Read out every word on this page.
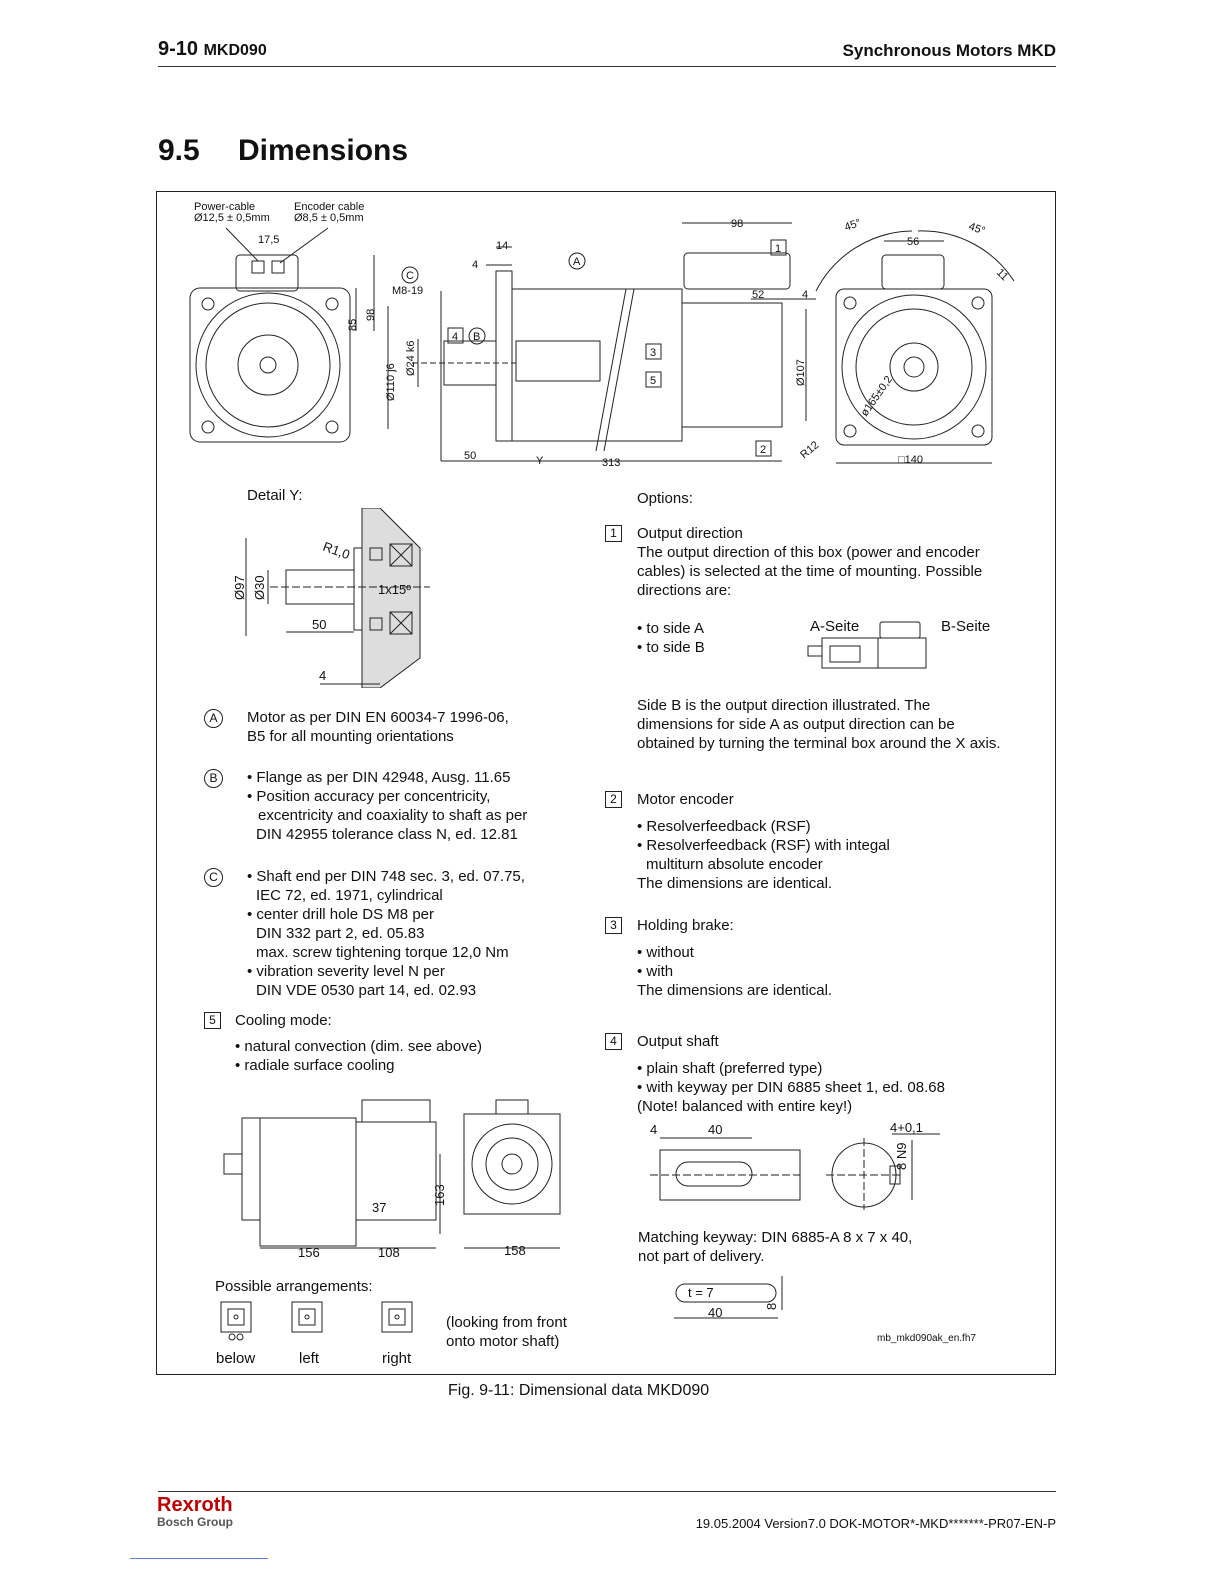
9-10 MKD090	Synchronous Motors MKD
9.5 Dimensions
Power-cable
Ø12,5 ± 0,5mm
Encoder cable
Ø8,5 ± 0,5mm
17,5
85
98
14
4
98
M8-19
Ø110 j6
Ø24 k6
52	4
Ø107
50	Y	313
45°	45°
56
11
ø165±0,2
R12	□140
A
B
C
1
2
3
4
5
Detail Y:
R1,0
Ø97 Ø30	1x15º
50
4
A	Motor as per DIN EN 60034-7 1996-06,
B5 for all mounting orientations
B	• Flange as per DIN 42948, Ausg. 11.65
• Position accuracy per concentricity,
excentricity and coaxiality to shaft as per
DIN 42955 tolerance class N, ed. 12.81
C	• Shaft end per DIN 748 sec. 3, ed. 07.75,
IEC 72, ed. 1971, cylindrical
• center drill hole DS M8 per
DIN 332 part 2, ed. 05.83
max. screw tightening torque 12,0 Nm
• vibration severity level N per
DIN VDE 0530 part 14, ed. 02.93
5	Cooling mode:
• natural convection (dim. see above)
• radiale surface cooling
37
163
156	108	158
Possible arrangements:
below	left	right
(looking from front
onto motor shaft)
Options:
1	Output direction
The output direction of this box (power and encoder
cables) is selected at the time of mounting. Possible
directions are:
• to side A
• to side B
A-Seite	B-Seite
Side B is the output direction illustrated. The
dimensions for side A as output direction can be
obtained by turning the terminal box around the X axis.
2	Motor encoder
• Resolverfeedback (RSF)
• Resolverfeedback (RSF) with integal
multiturn absolute encoder
The dimensions are identical.
3	Holding brake:
• without
• with
The dimensions are identical.
4	Output shaft
• plain shaft (preferred type)
• with keyway per DIN 6885 sheet 1, ed. 08.68
(Note! balanced with entire key!)
4	40	4+0,1
8 N9
Matching keyway: DIN 6885-A 8 x 7 x 40,
not part of delivery.
t = 7
8
40
mb_mkd090ak_en.fh7
Fig. 9-11: Dimensional data MKD090
Rexroth
Bosch Group	19.05.2004 Version7.0 DOK-MOTOR*-MKD*******-PR07-EN-P
